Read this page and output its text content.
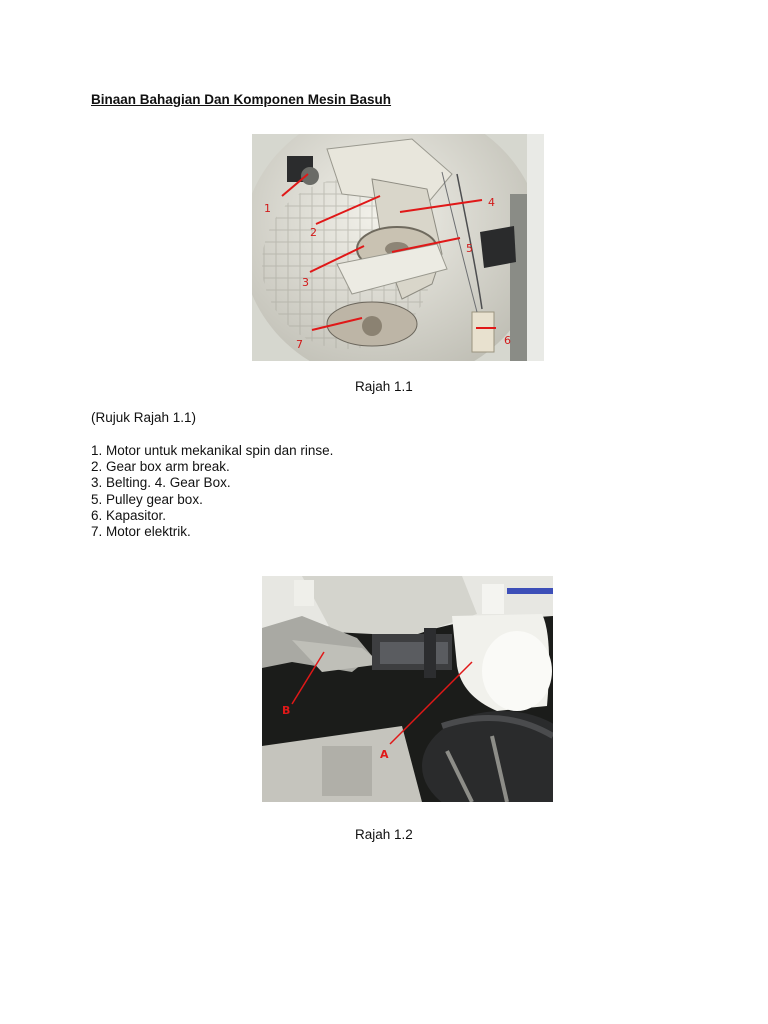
Binaan Bahagian Dan Komponen Mesin Basuh
1
2
3
4
5
6
7
Rajah 1.1
(Rujuk Rajah 1.1)
1. Motor untuk mekanikal spin dan rinse.
2. Gear box arm break.
3. Belting. 4. Gear Box.
5. Pulley gear box.
6. Kapasitor.
7. Motor elektrik.
B
A
Rajah 1.2
